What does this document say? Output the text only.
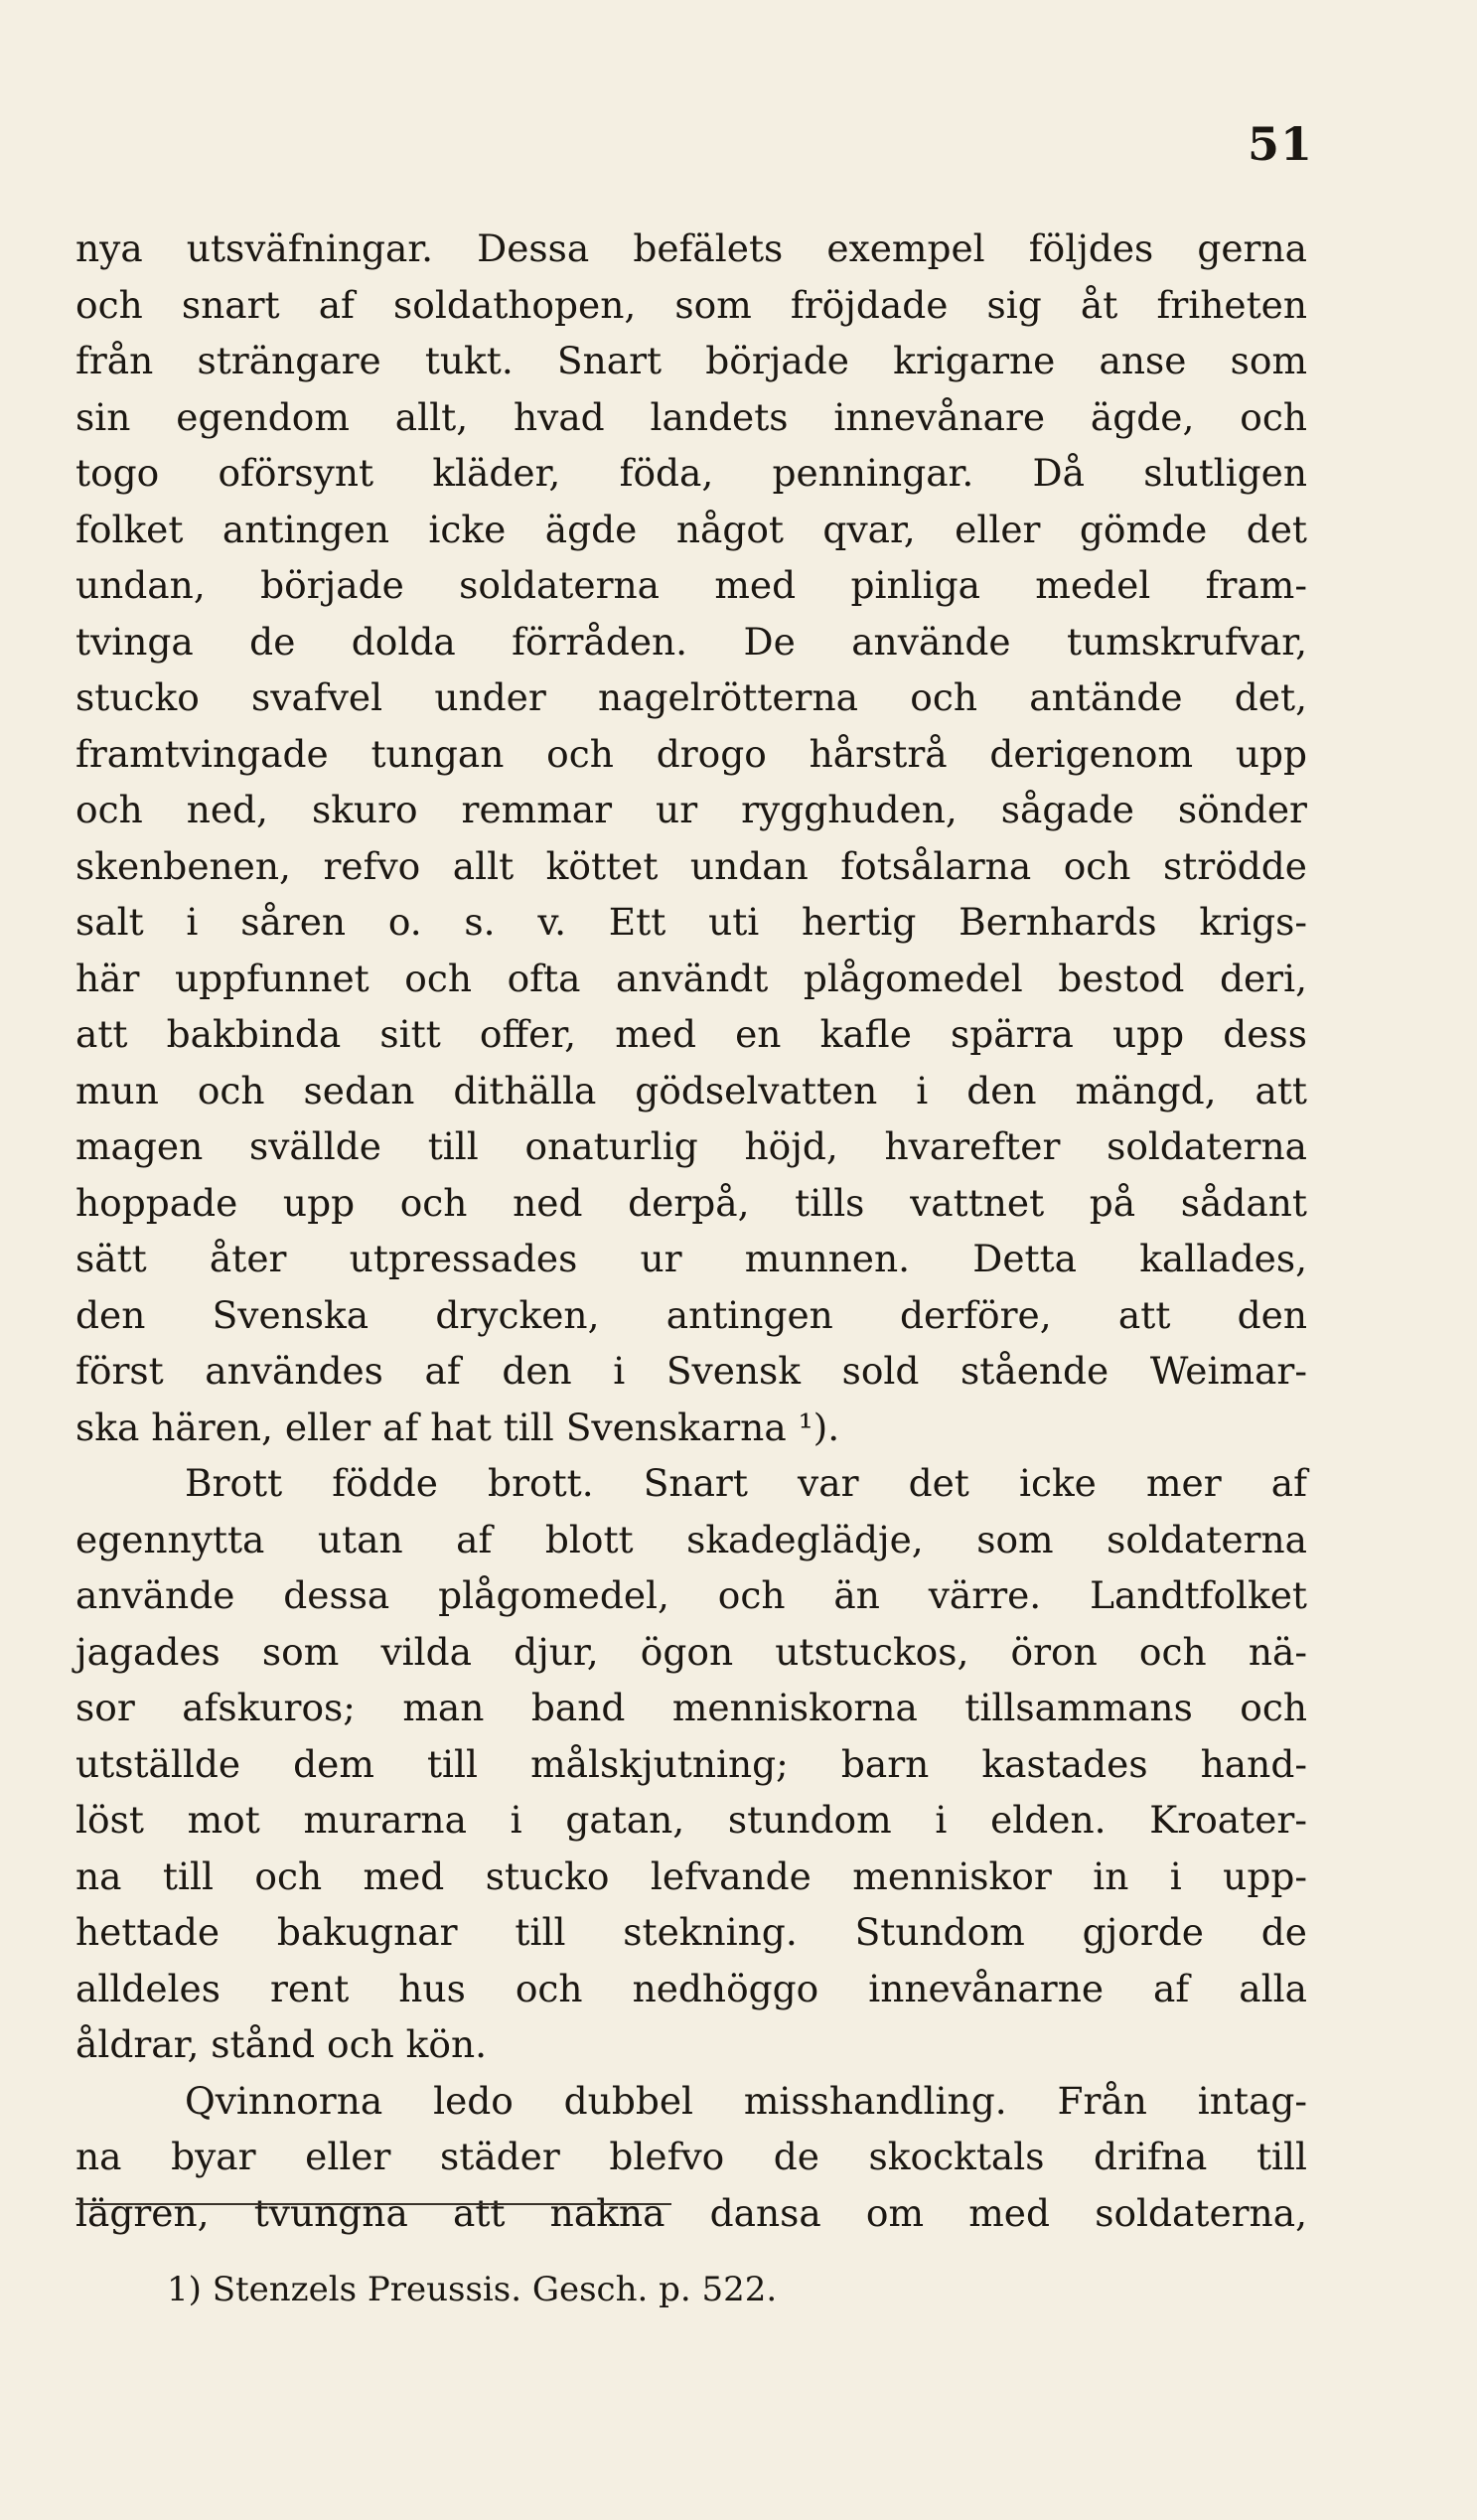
51
nya utsväfningar. Dessa befälets exempel följdes gerna
och snart af soldathopen, som fröjdade sig åt friheten
från strängare tukt. Snart började krigarne anse som
sin egendom allt, hvad landets innevånare ägde, och
togo oförsynt kläder, föda, penningar. Då slutligen
folket antingen icke ägde något qvar, eller gömde det
undan, började soldaterna med pinliga medel fram-
tvinga de dolda förråden. De använde tumskrufvar,
stucko svafvel under nagelrötterna och antände det,
framtvingade tungan och drogo hårstrå derigenom upp
och ned, skuro remmar ur rygghuden, sågade sönder
skenbenen, refvo allt köttet undan fotsålarna och strödde
salt i såren o. s. v. Ett uti hertig Bernhards krigs-
här uppfunnet och ofta användt plågomedel bestod deri,
att bakbinda sitt offer, med en kafle spärra upp dess
mun och sedan dithälla gödselvatten i den mängd, att
magen svällde till onaturlig höjd, hvarefter soldaterna
hoppade upp och ned derpå, tills vattnet på sådant
sätt åter utpressades ur munnen. Detta kallades,
den Svenska drycken, antingen derföre, att den
först användes af den i Svensk sold stående Weimar-
ska hären, eller af hat till Svenskarna ¹).
Brott födde brott. Snart var det icke mer af
egennytta utan af blott skadeglädje, som soldaterna
använde dessa plågomedel, och än värre. Landtfolket
jagades som vilda djur, ögon utstuckos, öron och nä-
sor afskuros; man band menniskorna tillsammans och
utställde dem till målskjutning; barn kastades hand-
löst mot murarna i gatan, stundom i elden. Kroater-
na till och med stucko lefvande menniskor in i upp-
hettade bakugnar till stekning. Stundom gjorde de
alldeles rent hus och nedhöggo innevånarne af alla
åldrar, stånd och kön.
Qvinnorna ledo dubbel misshandling. Från intag-
na byar eller städer blefvo de skocktals drifna till
lägren, tvungna att nakna dansa om med soldaterna,
1) Stenzels Preussis. Gesch. p. 522.
